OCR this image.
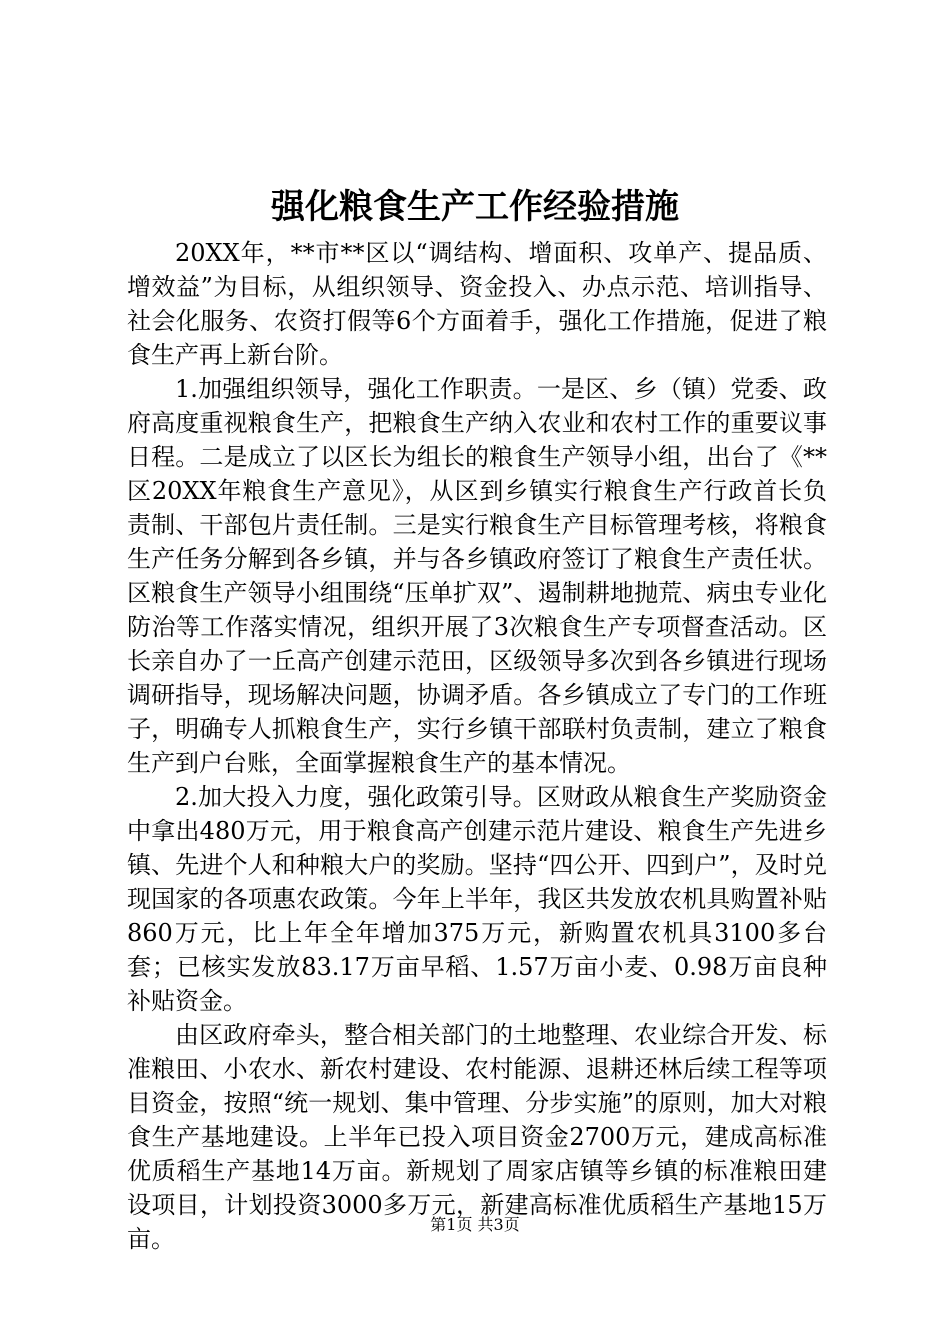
强化粮食生产工作经验措施

20XX年，**市**区以“调结构、增面积、攻单产、提品质、增效益”为目标，从组织领导、资金投入、办点示范、培训指导、社会化服务、农资打假等6个方面着手，强化工作措施，促进了粮食生产再上新台阶。

1.加强组织领导，强化工作职责。一是区、乡（镇）党委、政府高度重视粮食生产，把粮食生产纳入农业和农村工作的重要议事日程。二是成立了以区长为组长的粮食生产领导小组，出台了《**区20XX年粮食生产意见》，从区到乡镇实行粮食生产行政首长负责制、干部包片责任制。三是实行粮食生产目标管理考核，将粮食生产任务分解到各乡镇，并与各乡镇政府签订了粮食生产责任状。区粮食生产领导小组围绕“压单扩双”、遏制耕地抛荒、病虫专业化防治等工作落实情况，组织开展了3次粮食生产专项督查活动。区长亲自办了一丘高产创建示范田，区级领导多次到各乡镇进行现场调研指导，现场解决问题，协调矛盾。各乡镇成立了专门的工作班子，明确专人抓粮食生产，实行乡镇干部联村负责制，建立了粮食生产到户台账，全面掌握粮食生产的基本情况。

2.加大投入力度，强化政策引导。区财政从粮食生产奖励资金中拿出480万元，用于粮食高产创建示范片建设、粮食生产先进乡镇、先进个人和种粮大户的奖励。坚持“四公开、四到户”，及时兑现国家的各项惠农政策。今年上半年，我区共发放农机具购置补贴860万元，比上年全年增加375万元，新购置农机具3100多台套；已核实发放83.17万亩早稻、1.57万亩小麦、0.98万亩良种补贴资金。

由区政府牵头，整合相关部门的土地整理、农业综合开发、标准粮田、小农水、新农村建设、农村能源、退耕还林后续工程等项目资金，按照“统一规划、集中管理、分步实施”的原则，加大对粮食生产基地建设。上半年已投入项目资金2700万元，建成高标准优质稻生产基地14万亩。新规划了周家店镇等乡镇的标准粮田建设项目，计划投资3000多万元，新建高标准优质稻生产基地15万亩。

第1页 共3页
